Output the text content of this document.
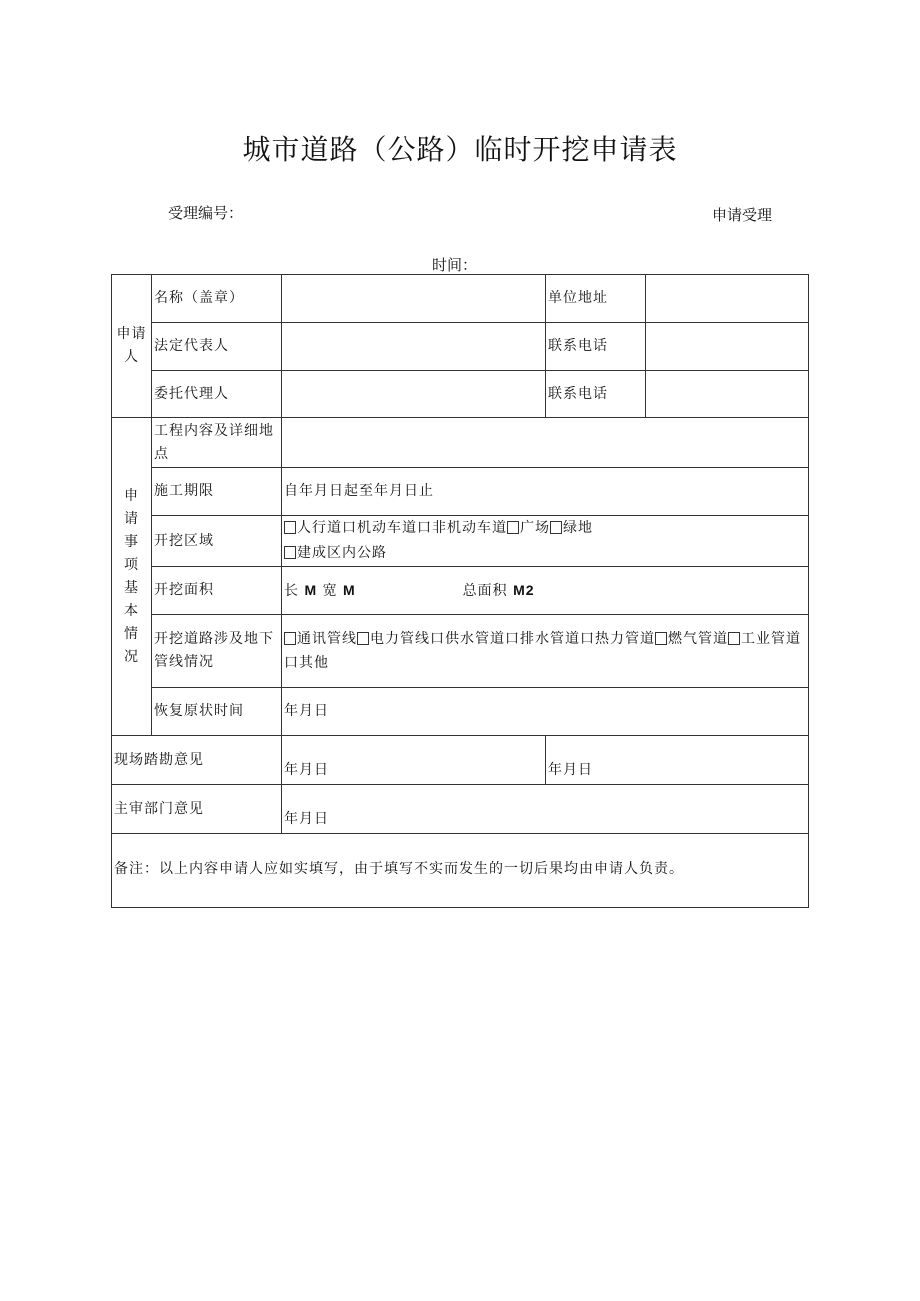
城市道路（公路）临时开挖申请表
受理编号：	申请受理
时间：
申请人	名称（盖章）		单位地址	
	法定代表人		联系电话	
	委托代理人		联系电话	

申请事项基本情况	工程内容及详细地点			
	施工期限	自年月日起至年月日止		
	开挖区域	人行道口机动车道口非机动车道 广场 绿地
建成区内公路		
	开挖面积	长 M 宽 M 总面积 M2		
	开挖道路涉及地下管线情况	通讯管线 电力管线口供水管道口排水管道口热力管道 燃气管道 工业管道口其他		
	恢复原状时间	年月日		
现场踏勘意见		年月日	年月日	
主审部门意见		年月日		
备注：以上内容申请人应如实填写，由于填写不实而发生的一切后果均由申请人负责。				
